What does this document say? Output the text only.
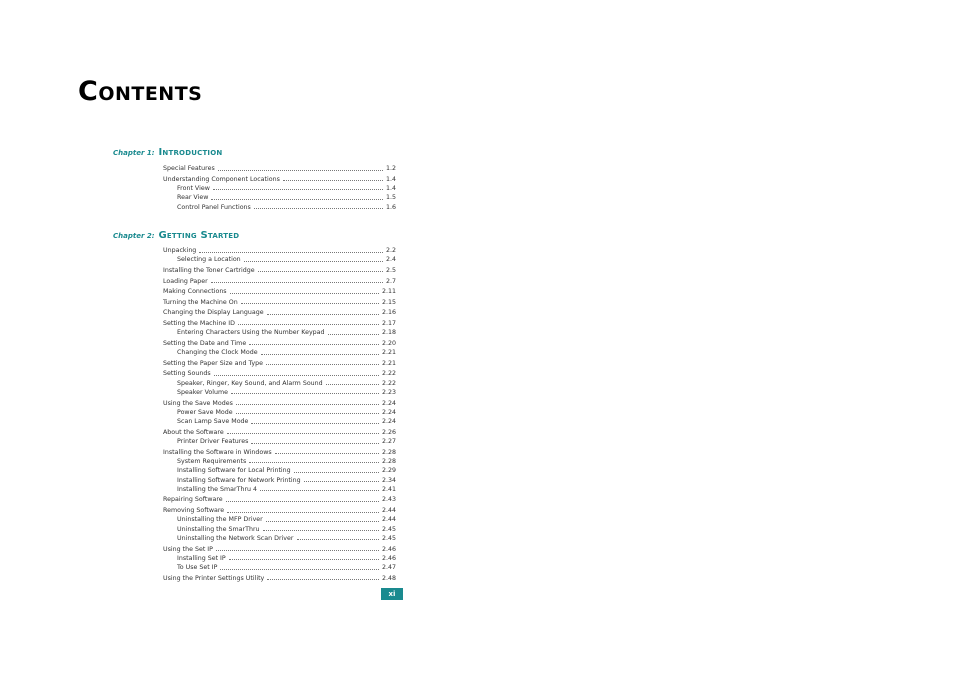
Contents
Chapter 1: Introduction
Special Features	1.2
Understanding Component Locations	1.4
Front View	1.4
Rear View	1.5
Control Panel Functions	1.6
Chapter 2: Getting Started
Unpacking	2.2
Selecting a Location	2.4
Installing the Toner Cartridge	2.5
Loading Paper	2.7
Making Connections	2.11
Turning the Machine On	2.15
Changing the Display Language	2.16
Setting the Machine ID	2.17
Entering Characters Using the Number Keypad	2.18
Setting the Date and Time	2.20
Changing the Clock Mode	2.21
Setting the Paper Size and Type	2.21
Setting Sounds	2.22
Speaker, Ringer, Key Sound, and Alarm Sound	2.22
Speaker Volume	2.23
Using the Save Modes	2.24
Power Save Mode	2.24
Scan Lamp Save Mode	2.24
About the Software	2.26
Printer Driver Features	2.27
Installing the Software in Windows	2.28
System Requirements	2.28
Installing Software for Local Printing	2.29
Installing Software for Network Printing	2.34
Installing the SmarThru 4	2.41
Repairing Software	2.43
Removing Software	2.44
Uninstalling the MFP Driver	2.44
Uninstalling the SmarThru	2.45
Uninstalling the Network Scan Driver	2.45
Using the Set IP	2.46
Installing Set IP	2.46
To Use Set IP	2.47
Using the Printer Settings Utility	2.48
xi
